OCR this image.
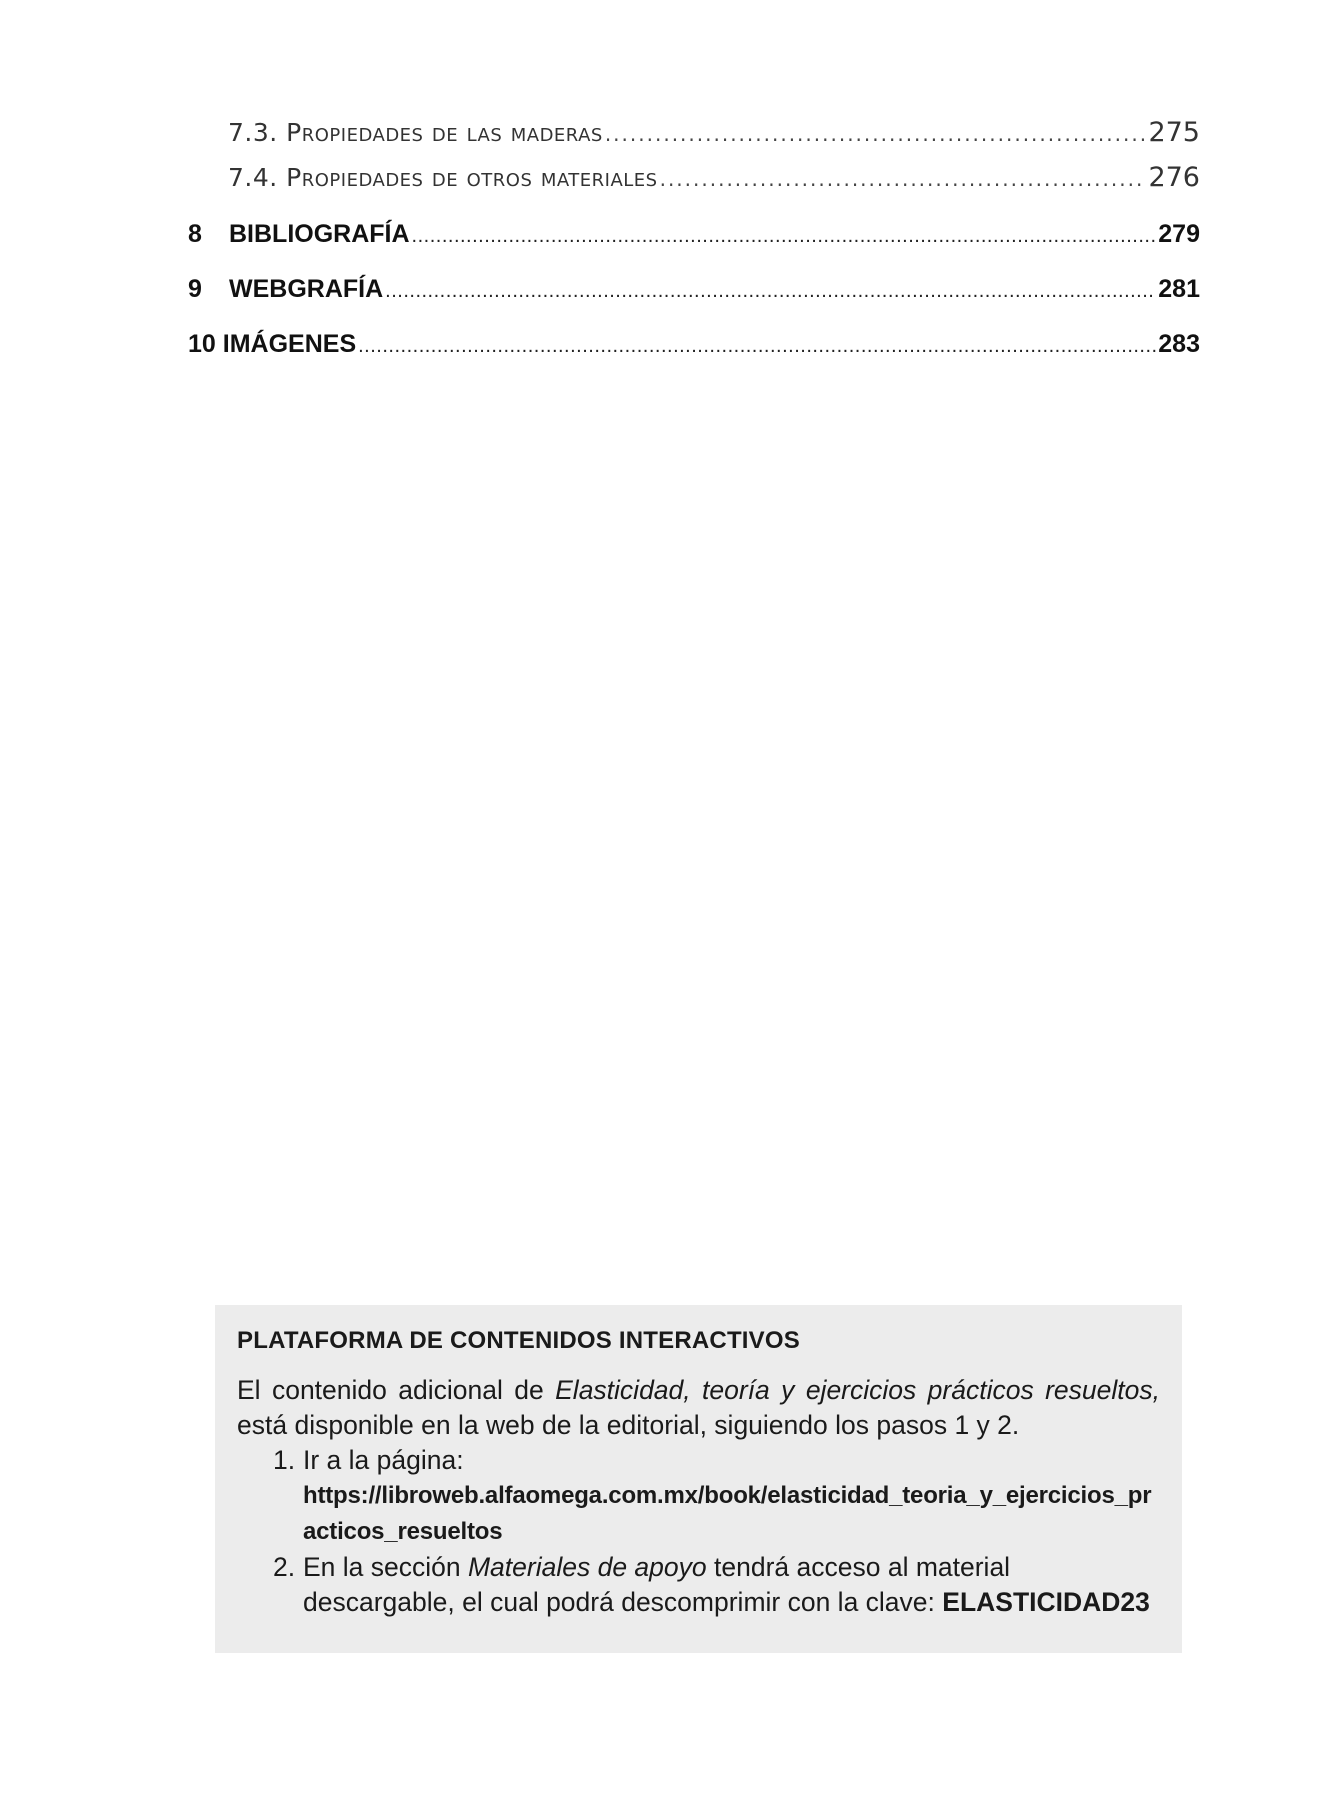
7.3. Propiedades de las maderas .....	275
7.4. Propiedades de otros materiales .....	276
8 BIBLIOGRAFÍA .....	279
9 WEBGRAFÍA .....	281
10 IMÁGENES .....	283

PLATAFORMA DE CONTENIDOS INTERACTIVOS

El contenido adicional de Elasticidad, teoría y ejercicios prácticos resueltos, está disponible en la web de la editorial, siguiendo los pasos 1 y 2.

1. Ir a la página:
https://libroweb.alfaomega.com.mx/book/elasticidad_teoria_y_ejercicios_practicos_resueltos
2. En la sección Materiales de apoyo tendrá acceso al material descargable, el cual podrá descomprimir con la clave: ELASTICIDAD23
